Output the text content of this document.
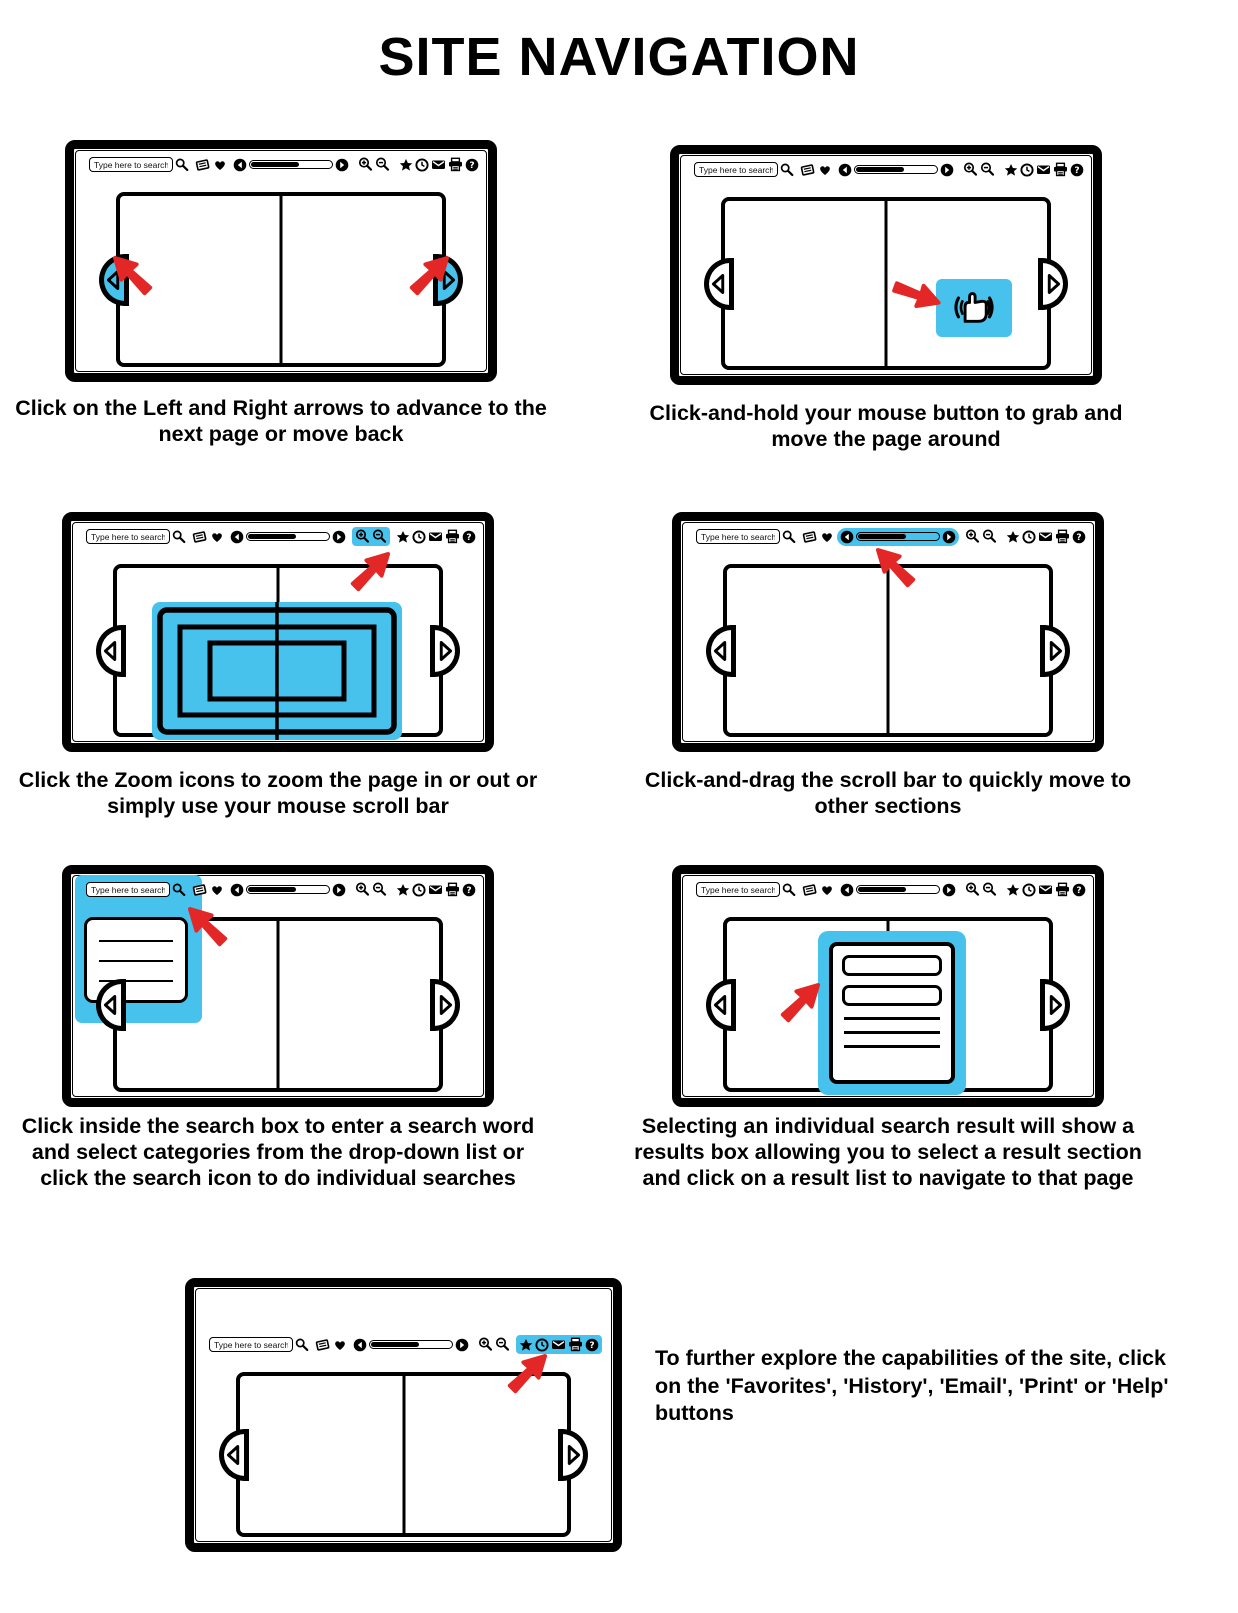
SITE NAVIGATION
Type here to search
?
Click on the Left and Right arrows to advance to the next page or move back
Type here to search
?
Click-and-hold your mouse button to grab and move the page around
Type here to search
?
Click the Zoom icons to zoom the page in or out or simply use your mouse scroll bar
Type here to search
?
Click-and-drag the scroll bar to quickly move to other sections
Type here to search
?
Click inside the search box to enter a search word and select categories from the drop-down list or click the search icon to do individual searches
Type here to search
?
Selecting an individual search result will show a results box allowing you to select a result section and click on a result list to navigate to that page
Type here to search
?
To further explore the capabilities of the site, click on the 'Favorites', 'History', 'Email', 'Print' or 'Help' buttons
